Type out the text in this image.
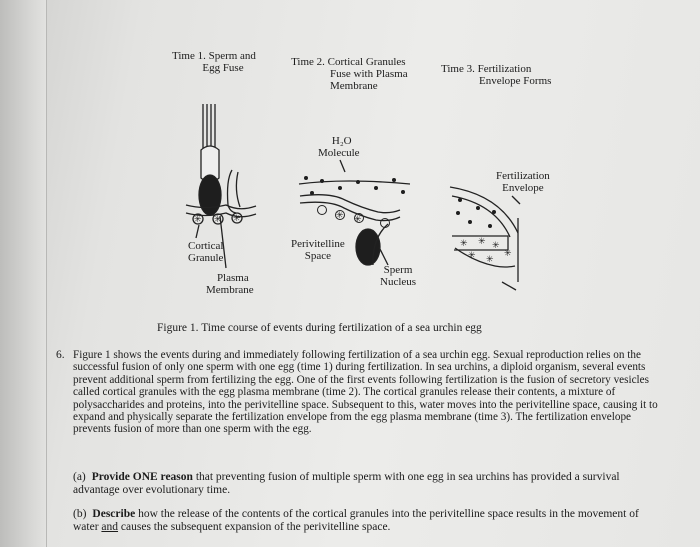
✳ ✳ ✳	✳ ✳
✳ ✳ ✳
✳ ✳
✳
Time 1. Sperm and
Egg Fuse	Time 2. Cortical Granules
Fuse with Plasma
Membrane
Time 3. Fertilization
Envelope Forms
H₂O
Molecule
Cortical
Granule
Plasma
Membrane
Perivitelline
Space
Sperm
Nucleus
Fertilization
Envelope
Figure 1. Time course of events during fertilization of a sea urchin egg
6. Figure 1 shows the events during and immediately following fertilization of a sea urchin egg. Sexual reproduction relies on the successful fusion of only one sperm with one egg (time 1) during fertilization. In sea urchins, a diploid organism, several events prevent additional sperm from fertilizing the egg. One of the first events following fertilization is the fusion of secretory vesicles called cortical granules with the egg plasma membrane (time 2). The cortical granules release their contents, a mixture of polysaccharides and proteins, into the perivitelline space. Subsequent to this, water moves into the perivitelline space, causing it to expand and physically separate the fertilization envelope from the egg plasma membrane (time 3). The fertilization envelope prevents fusion of more than one sperm with the egg.
(a) Provide ONE reason that preventing fusion of multiple sperm with one egg in sea urchins has provided a survival advantage over evolutionary time.
(b) Describe how the release of the contents of the cortical granules into the perivitelline space results in the movement of water and causes the subsequent expansion of the perivitelline space.
